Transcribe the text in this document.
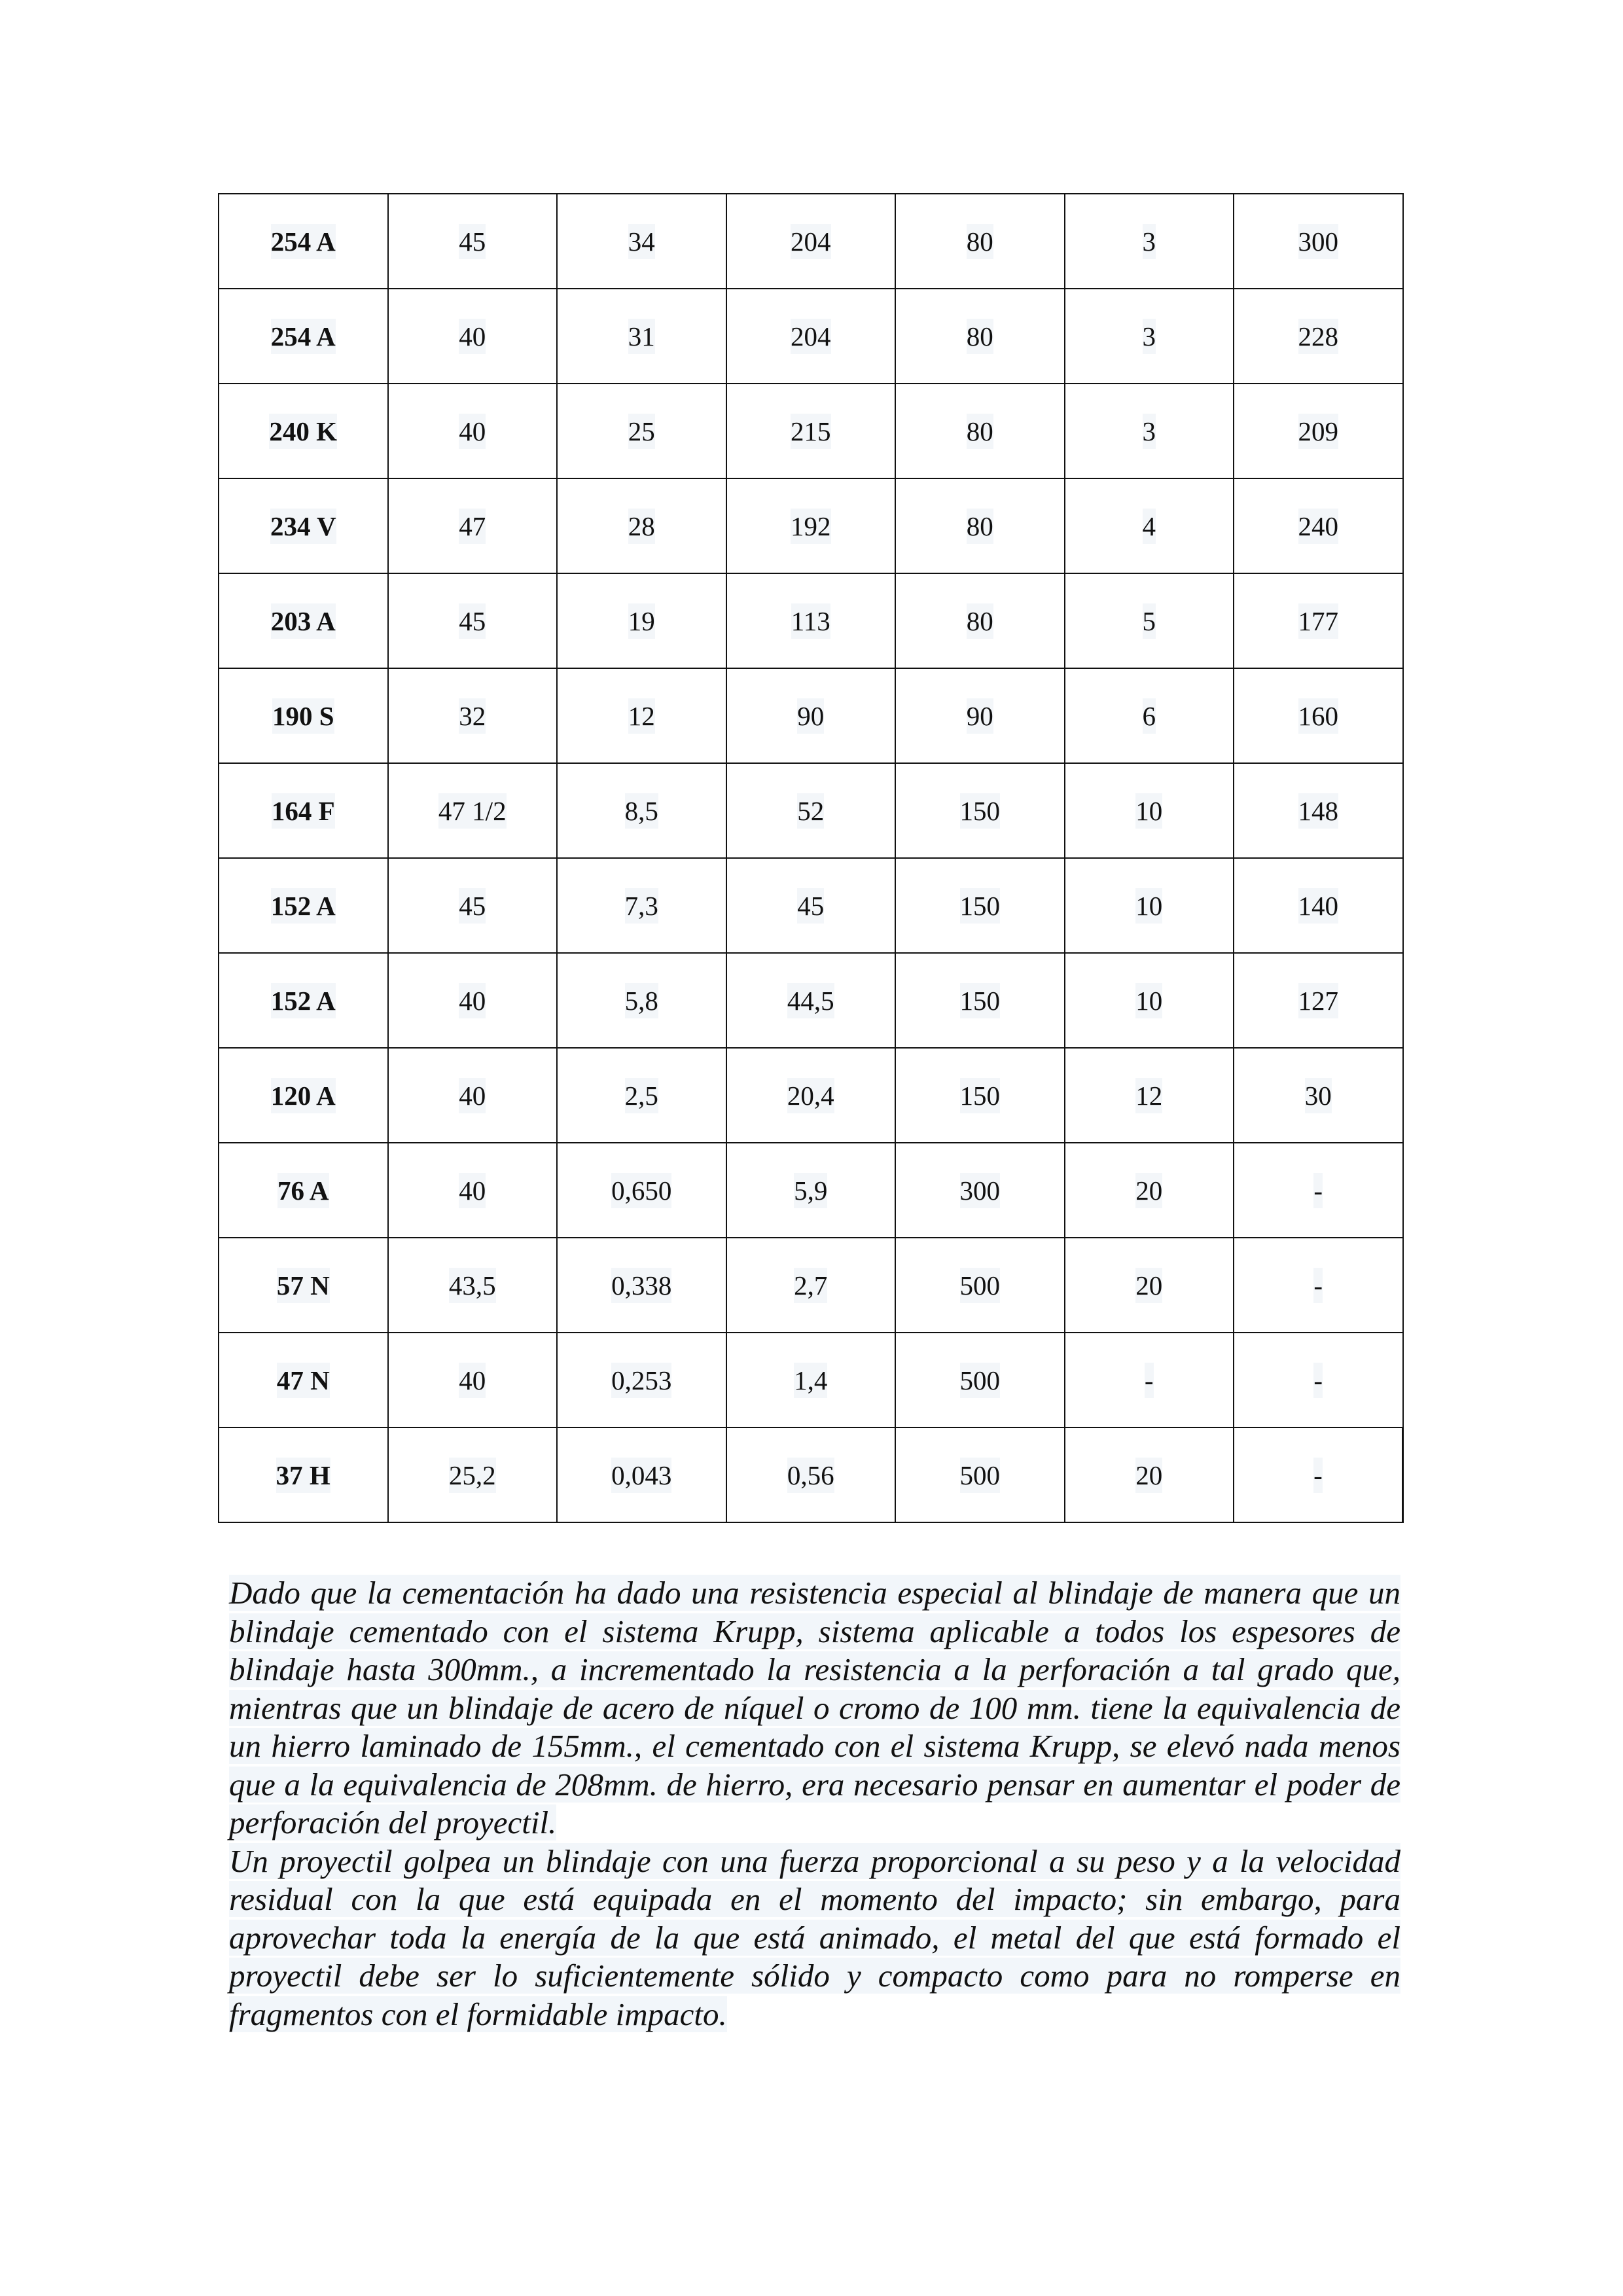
254 A	45	34	204	80	3	300
254 A	40	31	204	80	3	228
240 K	40	25	215	80	3	209
234 V	47	28	192	80	4	240
203 A	45	19	113	80	5	177
190 S	32	12	90	90	6	160
164 F	47 1/2	8,5	52	150	10	148
152 A	45	7,3	45	150	10	140
152 A	40	5,8	44,5	150	10	127
120 A	40	2,5	20,4	150	12	30
76 A	40	0,650	5,9	300	20	-
57 N	43,5	0,338	2,7	500	20	-
47 N	40	0,253	1,4	500	-	-
37 H	25,2	0,043	0,56	500	20	-

Dado que la cementación ha dado una resistencia especial al blindaje de manera que un blindaje cementado con el sistema Krupp, sistema aplicable a todos los espesores de blindaje hasta 300mm., a incrementado la resistencia a la perforación a tal grado que, mientras que un blindaje de acero de níquel o cromo de 100 mm. tiene la equivalencia de un hierro laminado de 155mm., el cementado con el sistema Krupp, se elevó nada menos que a la equivalencia de 208mm. de hierro, era necesario pensar en aumentar el poder de perforación del proyectil.

Un proyectil golpea un blindaje con una fuerza proporcional a su peso y a la velocidad residual con la que está equipada en el momento del impacto; sin embargo, para aprovechar toda la energía de la que está animado, el metal del que está formado el proyectil debe ser lo suficientemente sólido y compacto como para no romperse en fragmentos con el formidable impacto.
